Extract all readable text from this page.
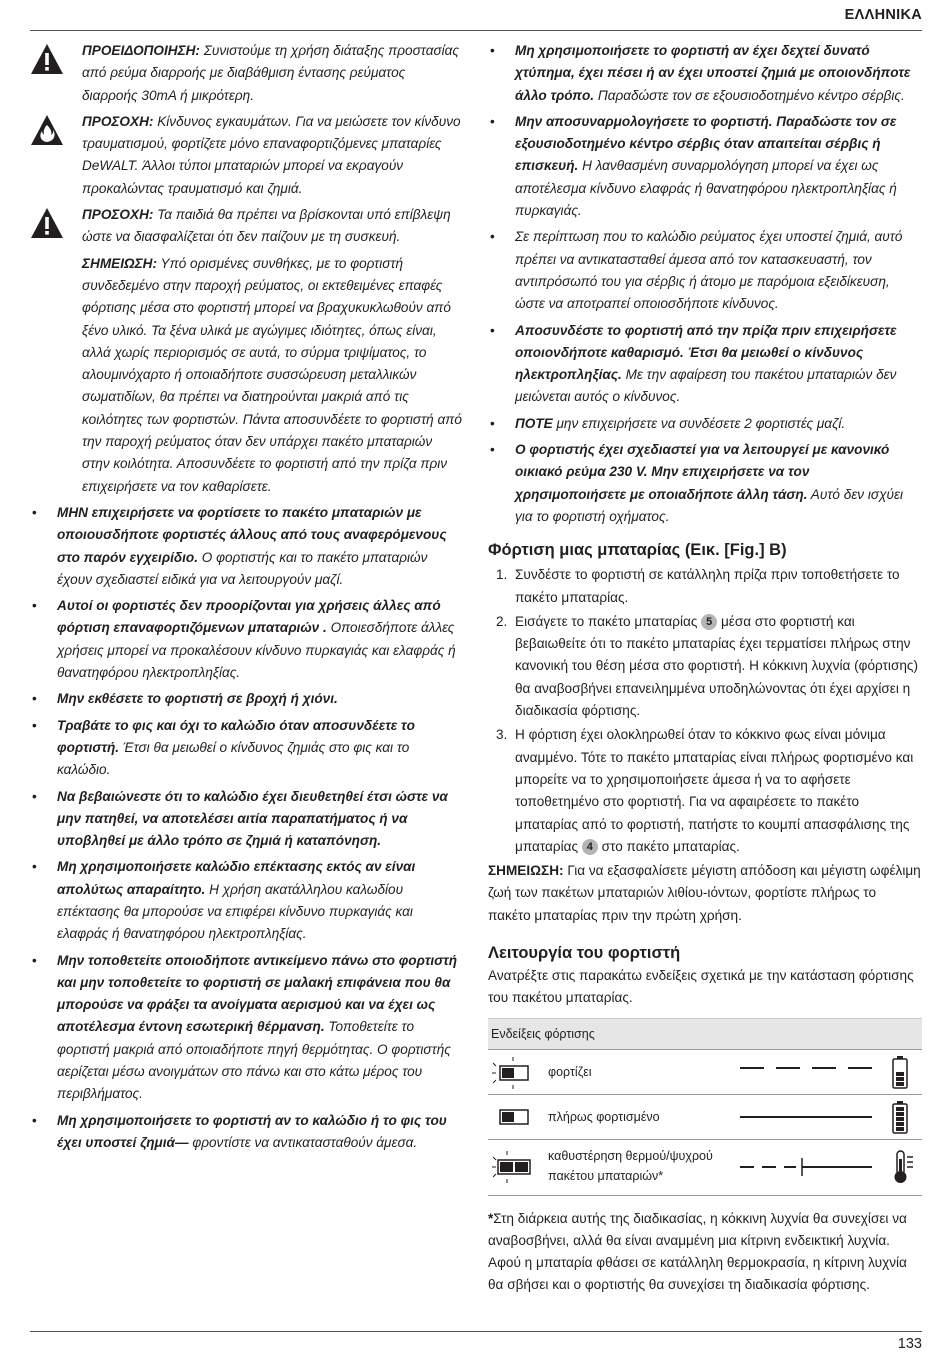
ΕΛΛΗΝΙΚΑ
ΠΡΟΕΙΔΟΠΟΙΗΣΗ: Συνιστούμε τη χρήση διάταξης προστασίας από ρεύμα διαρροής με διαβάθμιση έντασης ρεύματος διαρροής 30mA ή μικρότερη.
ΠΡΟΣΟΧΗ: Κίνδυνος εγκαυμάτων. Για να μειώσετε τον κίνδυνο τραυματισμού, φορτίζετε μόνο επαναφορτιζόμενες μπαταρίες DeWALT. Άλλοι τύποι μπαταριών μπορεί να εκραγούν προκαλώντας τραυματισμό και ζημιά.
ΠΡΟΣΟΧΗ: Τα παιδιά θα πρέπει να βρίσκονται υπό επίβλεψη ώστε να διασφαλίζεται ότι δεν παίζουν με τη συσκευή.
ΣΗΜΕΙΩΣΗ: Υπό ορισμένες συνθήκες, με το φορτιστή συνδεδεμένο στην παροχή ρεύματος, οι εκτεθειμένες επαφές φόρτισης μέσα στο φορτιστή μπορεί να βραχυκυκλωθούν από ξένο υλικό. Τα ξένα υλικά με αγώγιμες ιδιότητες, όπως είναι, αλλά χωρίς περιορισμός σε αυτά, το σύρμα τριψίματος, το αλουμινόχαρτο ή οποιαδήποτε συσσώρευση μεταλλικών σωματιδίων, θα πρέπει να διατηρούνται μακριά από τις κοιλότητες των φορτιστών. Πάντα αποσυνδέετε το φορτιστή από την παροχή ρεύματος όταν δεν υπάρχει πακέτο μπαταριών στην κοιλότητα. Αποσυνδέετε το φορτιστή από την πρίζα πριν επιχειρήσετε να τον καθαρίσετε.
• ΜΗΝ επιχειρήσετε να φορτίσετε το πακέτο μπαταριών με οποιουσδήποτε φορτιστές άλλους από τους αναφερόμενους στο παρόν εγχειρίδιο. Ο φορτιστής και το πακέτο μπαταριών έχουν σχεδιαστεί ειδικά για να λειτουργούν μαζί.
• Αυτοί οι φορτιστές δεν προορίζονται για χρήσεις άλλες από φόρτιση επαναφορτιζόμενων μπαταριών . Οποιεσδήποτε άλλες χρήσεις μπορεί να προκαλέσουν κίνδυνο πυρκαγιάς και ελαφράς ή θανατηφόρου ηλεκτροπληξίας.
• Μην εκθέσετε το φορτιστή σε βροχή ή χιόνι.
• Τραβάτε το φις και όχι το καλώδιο όταν αποσυνδέετε το φορτιστή. Έτσι θα μειωθεί ο κίνδυνος ζημιάς στο φις και το καλώδιο.
• Να βεβαιώνεστε ότι το καλώδιο έχει διευθετηθεί έτσι ώστε να μην πατηθεί, να αποτελέσει αιτία παραπατήματος ή να υποβληθεί με άλλο τρόπο σε ζημιά ή καταπόνηση.
• Μη χρησιμοποιήσετε καλώδιο επέκτασης εκτός αν είναι απολύτως απαραίτητο. Η χρήση ακατάλληλου καλωδίου επέκτασης θα μπορούσε να επιφέρει κίνδυνο πυρκαγιάς και ελαφράς ή θανατηφόρου ηλεκτροπληξίας.
• Μην τοποθετείτε οποιοδήποτε αντικείμενο πάνω στο φορτιστή και μην τοποθετείτε το φορτιστή σε μαλακή επιφάνεια που θα μπορούσε να φράξει τα ανοίγματα αερισμού και να έχει ως αποτέλεσμα έντονη εσωτερική θέρμανση. Τοποθετείτε το φορτιστή μακριά από οποιαδήποτε πηγή θερμότητας. Ο φορτιστής αερίζεται μέσω ανοιγμάτων στο πάνω και στο κάτω μέρος του περιβλήματος.
• Μη χρησιμοποιήσετε το φορτιστή αν το καλώδιο ή το φις του έχει υποστεί ζημιά— φροντίστε να αντικατασταθούν άμεσα.
• Μη χρησιμοποιήσετε το φορτιστή αν έχει δεχτεί δυνατό χτύπημα, έχει πέσει ή αν έχει υποστεί ζημιά με οποιονδήποτε άλλο τρόπο. Παραδώστε τον σε εξουσιοδοτημένο κέντρο σέρβις.
• Μην αποσυναρμολογήσετε το φορτιστή. Παραδώστε τον σε εξουσιοδοτημένο κέντρο σέρβις όταν απαιτείται σέρβις ή επισκευή. Η λανθασμένη συναρμολόγηση μπορεί να έχει ως αποτέλεσμα κίνδυνο ελαφράς ή θανατηφόρου ηλεκτροπληξίας ή πυρκαγιάς.
• Σε περίπτωση που το καλώδιο ρεύματος έχει υποστεί ζημιά, αυτό πρέπει να αντικατασταθεί άμεσα από τον κατασκευαστή, τον αντιπρόσωπό του για σέρβις ή άτομο με παρόμοια εξειδίκευση, ώστε να αποτραπεί οποιοσδήποτε κίνδυνος.
• Αποσυνδέστε το φορτιστή από την πρίζα πριν επιχειρήσετε οποιονδήποτε καθαρισμό. Έτσι θα μειωθεί ο κίνδυνος ηλεκτροπληξίας. Με την αφαίρεση του πακέτου μπαταριών δεν μειώνεται αυτός ο κίνδυνος.
• ΠΟΤΕ μην επιχειρήσετε να συνδέσετε 2 φορτιστές μαζί.
• Ο φορτιστής έχει σχεδιαστεί για να λειτουργεί με κανονικό οικιακό ρεύμα 230 V. Μην επιχειρήσετε να τον χρησιμοποιήσετε με οποιαδήποτε άλλη τάση. Αυτό δεν ισχύει για το φορτιστή οχήματος.
Φόρτιση μιας μπαταρίας (Εικ. [Fig.] B)
1. Συνδέστε το φορτιστή σε κατάλληλη πρίζα πριν τοποθετήσετε το πακέτο μπαταρίας.
2. Εισάγετε το πακέτο μπαταρίας 5 μέσα στο φορτιστή και βεβαιωθείτε ότι το πακέτο μπαταρίας έχει τερματίσει πλήρως στην κανονική του θέση μέσα στο φορτιστή. Η κόκκινη λυχνία (φόρτισης) θα αναβοσβήνει επανειλημμένα υποδηλώνοντας ότι έχει αρχίσει η διαδικασία φόρτισης.
3. Η φόρτιση έχει ολοκληρωθεί όταν το κόκκινο φως είναι μόνιμα αναμμένο. Τότε το πακέτο μπαταρίας είναι πλήρως φορτισμένο και μπορείτε να το χρησιμοποιήσετε άμεσα ή να το αφήσετε τοποθετημένο στο φορτιστή. Για να αφαιρέσετε το πακέτο μπαταρίας από το φορτιστή, πατήστε το κουμπί απασφάλισης της μπαταρίας 4 στο πακέτο μπαταρίας.
ΣΗΜΕΙΩΣΗ: Για να εξασφαλίσετε μέγιστη απόδοση και μέγιστη ωφέλιμη ζωή των πακέτων μπαταριών λιθίου-ιόντων, φορτίστε πλήρως το πακέτο μπαταρίας πριν την πρώτη χρήση.
Λειτουργία του φορτιστή
Ανατρέξτε στις παρακάτω ενδείξεις σχετικά με την κατάσταση φόρτισης του πακέτου μπαταρίας.
Ενδείξεις φόρτισης
φορτίζει
πλήρως φορτισμένο
καθυστέρηση θερμού/ψυχρού
πακέτου μπαταριών*
*Στη διάρκεια αυτής της διαδικασίας, η κόκκινη λυχνία θα συνεχίσει να αναβοσβήνει, αλλά θα είναι αναμμένη μια κίτρινη ενδεικτική λυχνία. Αφού η μπαταρία φθάσει σε κατάλληλη θερμοκρασία, η κίτρινη λυχνία θα σβήσει και ο φορτιστής θα συνεχίσει τη διαδικασία φόρτισης.
133
